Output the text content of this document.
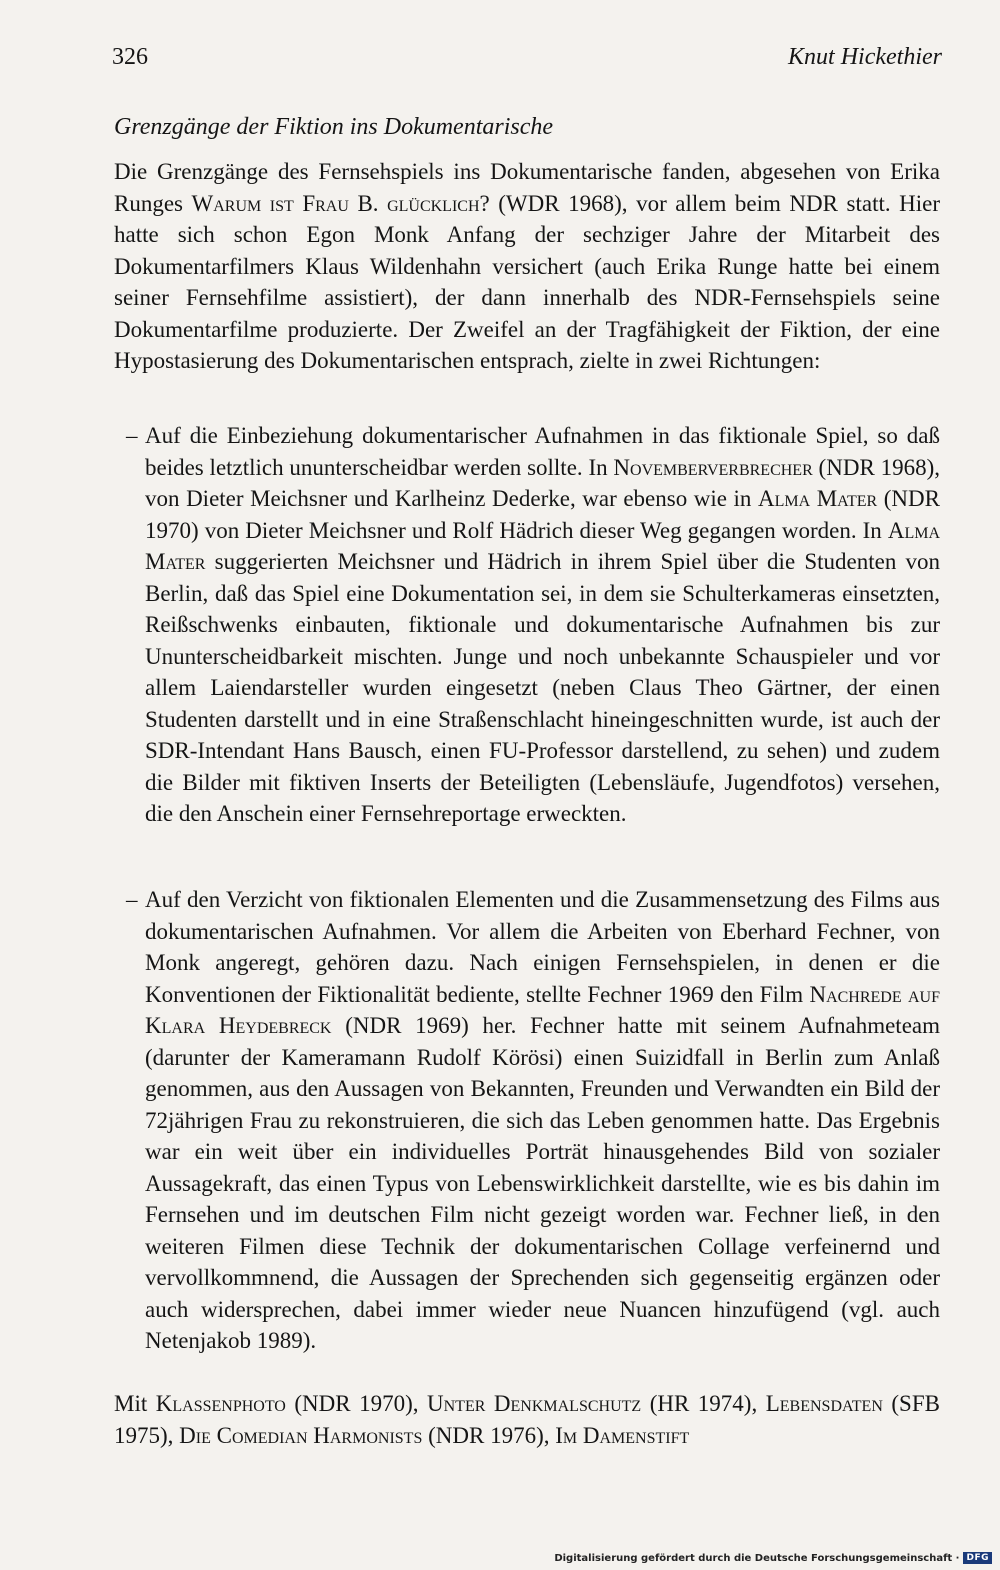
326	Knut Hickethier
Grenzgänge der Fiktion ins Dokumentarische

Die Grenzgänge des Fernsehspiels ins Dokumentarische fanden, abgesehen von Erika Runges Warum ist Frau B. glücklich? (WDR 1968), vor allem beim NDR statt. Hier hatte sich schon Egon Monk Anfang der sechziger Jahre der Mitarbeit des Dokumentarfilmers Klaus Wildenhahn versichert (auch Erika Runge hatte bei einem seiner Fernsehfilme assistiert), der dann innerhalb des NDR-Fernsehspiels seine Dokumentarfilme produzierte. Der Zweifel an der Tragfähigkeit der Fiktion, der eine Hypostasierung des Dokumentarischen entsprach, zielte in zwei Richtungen:

– Auf die Einbeziehung dokumentarischer Aufnahmen in das fiktionale Spiel, so daß beides letztlich ununterscheidbar werden sollte. In Novemberverbrecher (NDR 1968), von Dieter Meichsner und Karlheinz Dederke, war ebenso wie in Alma Mater (NDR 1970) von Dieter Meichsner und Rolf Hädrich dieser Weg gegangen worden. In Alma Mater suggerierten Meichsner und Hädrich in ihrem Spiel über die Studenten von Berlin, daß das Spiel eine Dokumentation sei, in dem sie Schulterkameras einsetzten, Reißschwenks einbauten, fiktionale und dokumentarische Aufnahmen bis zur Ununterscheidbarkeit mischten. Junge und noch unbekannte Schauspieler und vor allem Laiendarsteller wurden eingesetzt (neben Claus Theo Gärtner, der einen Studenten darstellt und in eine Straßenschlacht hineingeschnitten wurde, ist auch der SDR-Intendant Hans Bausch, einen FU-Professor darstellend, zu sehen) und zudem die Bilder mit fiktiven Inserts der Beteiligten (Lebensläufe, Jugendfotos) versehen, die den Anschein einer Fernsehreportage erweckten.
– Auf den Verzicht von fiktionalen Elementen und die Zusammensetzung des Films aus dokumentarischen Aufnahmen. Vor allem die Arbeiten von Eberhard Fechner, von Monk angeregt, gehören dazu. Nach einigen Fernsehspielen, in denen er die Konventionen der Fiktionalität bediente, stellte Fechner 1969 den Film Nachrede auf Klara Heydebreck (NDR 1969) her. Fechner hatte mit seinem Aufnahmeteam (darunter der Kameramann Rudolf Körösi) einen Suizidfall in Berlin zum Anlaß genommen, aus den Aussagen von Bekannten, Freunden und Verwandten ein Bild der 72jährigen Frau zu rekonstruieren, die sich das Leben genommen hatte. Das Ergebnis war ein weit über ein individuelles Porträt hinausgehendes Bild von sozialer Aussagekraft, das einen Typus von Lebenswirklichkeit darstellte, wie es bis dahin im Fernsehen und im deutschen Film nicht gezeigt worden war. Fechner ließ, in den weiteren Filmen diese Technik der dokumentarischen Collage verfeinernd und vervollkommnend, die Aussagen der Sprechenden sich gegenseitig ergänzen oder auch widersprechen, dabei immer wieder neue Nuancen hinzufügend (vgl. auch Netenjakob 1989).

Mit Klassenphoto (NDR 1970), Unter Denkmalschutz (HR 1974), Lebensdaten (SFB 1975), Die Comedian Harmonists (NDR 1976), Im Damenstift

Digitalisierung gefördert durch die Deutsche Forschungsgemeinschaft · DFG
